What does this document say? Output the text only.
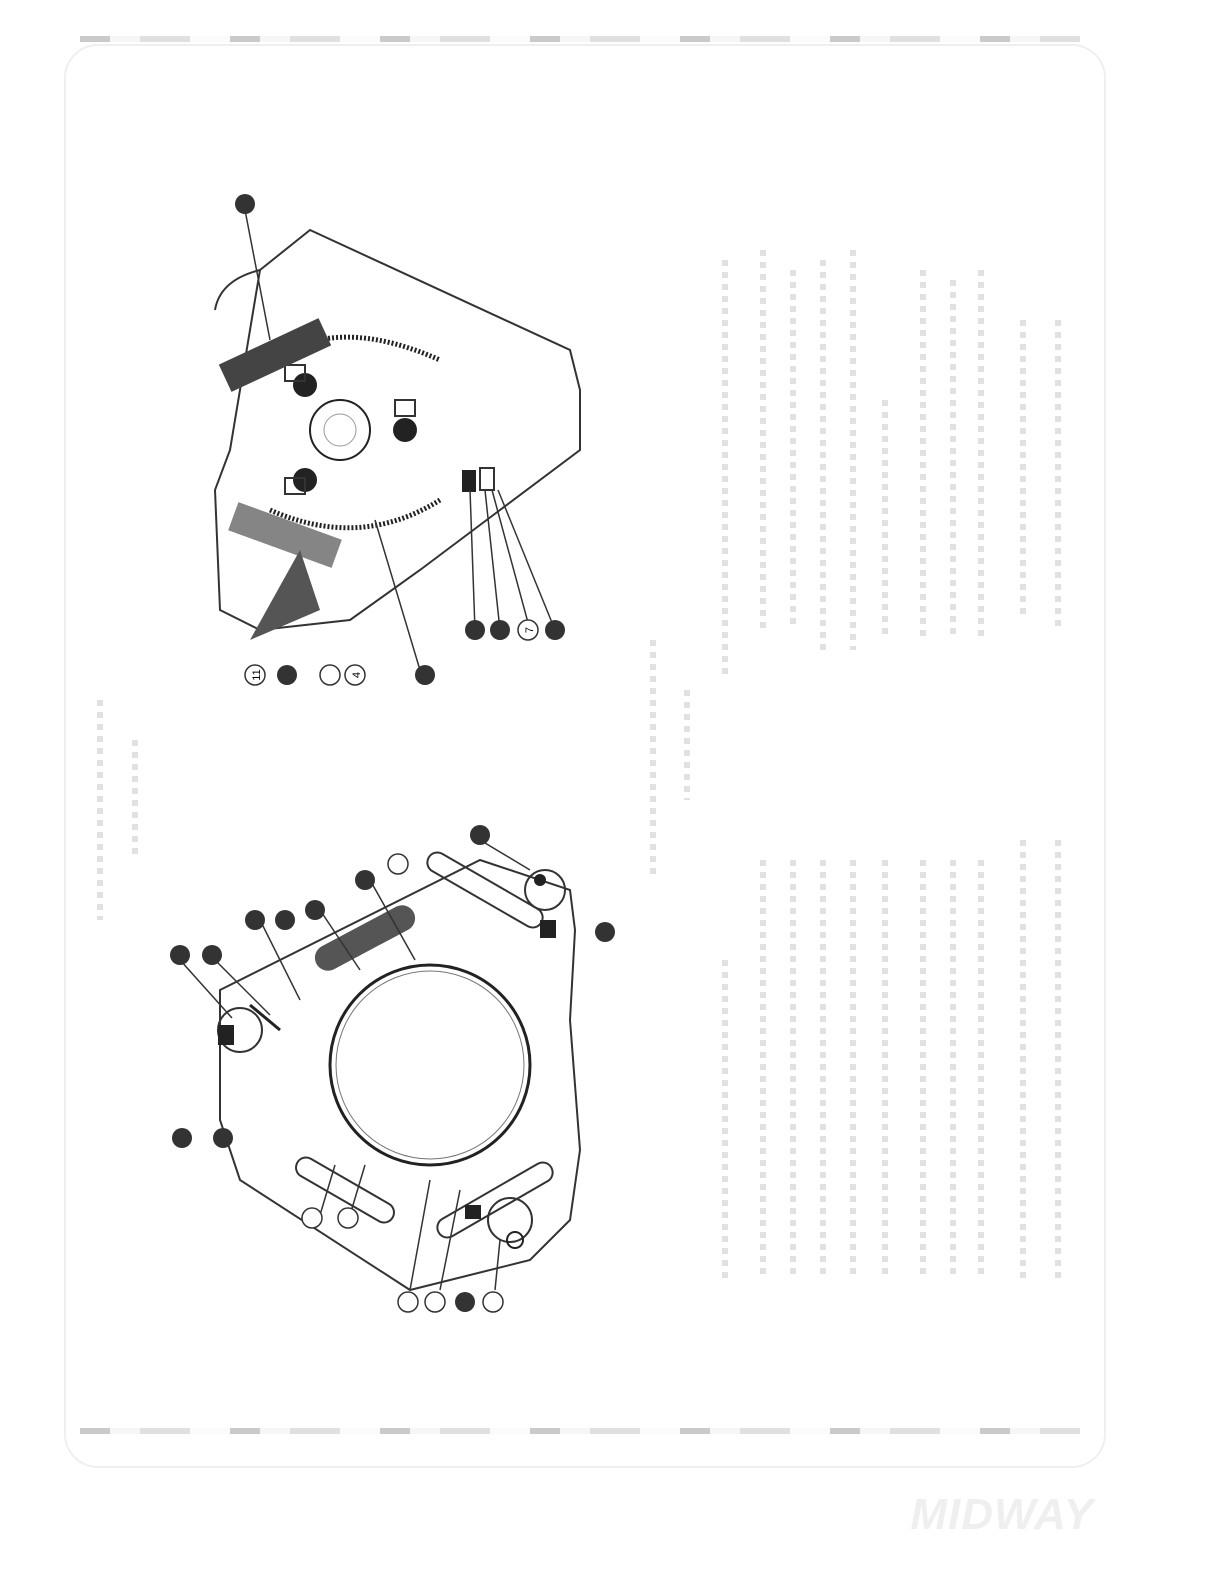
11	4
7
MIDWAY
